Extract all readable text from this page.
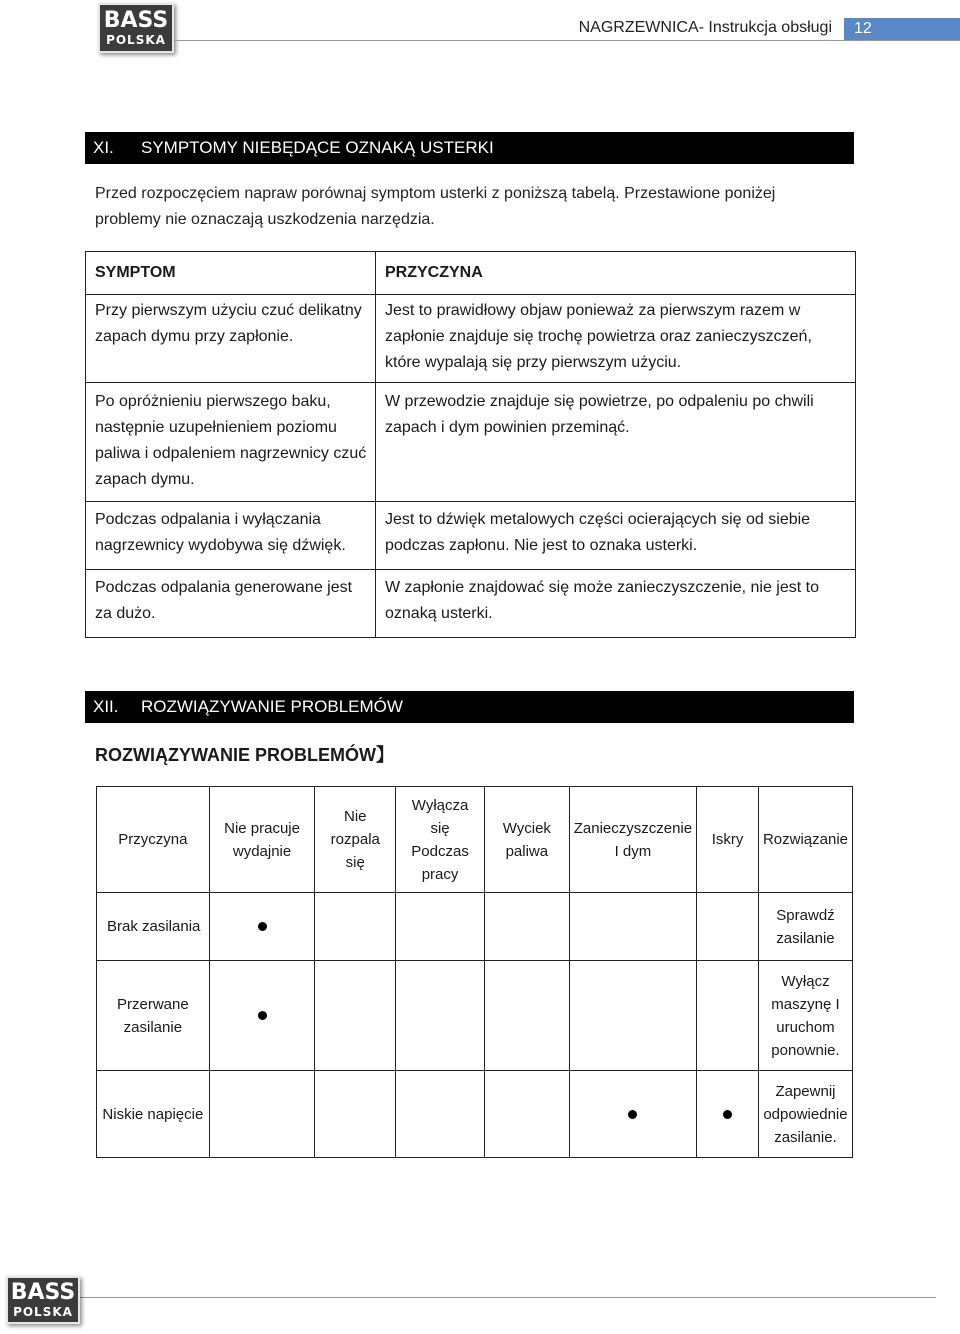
BASS
POLSKA
NAGRZEWNICA- Instrukcja obsługi	12
XI. SYMPTOMY NIEBĘDĄCE OZNAKĄ USTERKI
Przed rozpoczęciem napraw porównaj symptom usterki z poniższą tabelą. Przestawione poniżej problemy nie oznaczają uszkodzenia narzędzia.
SYMPTOM	PRZYCZYNA
Przy pierwszym użyciu czuć delikatny zapach dymu przy zapłonie.	Jest to prawidłowy objaw ponieważ za pierwszym razem w zapłonie znajduje się trochę powietrza oraz zanieczyszczeń, które wypalają się przy pierwszym użyciu.
Po opróżnieniu pierwszego baku, następnie uzupełnieniem poziomu paliwa i odpaleniem nagrzewnicy czuć zapach dymu.	W przewodzie znajduje się powietrze, po odpaleniu po chwili zapach i dym powinien przeminąć.
Podczas odpalania i wyłączania nagrzewnicy wydobywa się dźwięk.	Jest to dźwięk metalowych części ocierających się od siebie podczas zapłonu. Nie jest to oznaka usterki.
Podczas odpalania generowane jest za dużo.	W zapłonie znajdować się może zanieczyszczenie, nie jest to oznaką usterki.
XII. ROZWIĄZYWANIE PROBLEMÓW
ROZWIĄZYWANIE PROBLEMÓW】
Przyczyna	Nie pracuje wydajnie	Nie rozpala się	Wyłącza się Podczas pracy	Wyciek paliwa	Zanieczyszczenie I dym	Iskry	Rozwiązanie
Brak zasilania							Sprawdź zasilanie
Przerwane zasilanie							Wyłącz maszynę I uruchom ponownie.
Niskie napięcie							Zapewnij odpowiednie zasilanie.
BASS
POLSKA
